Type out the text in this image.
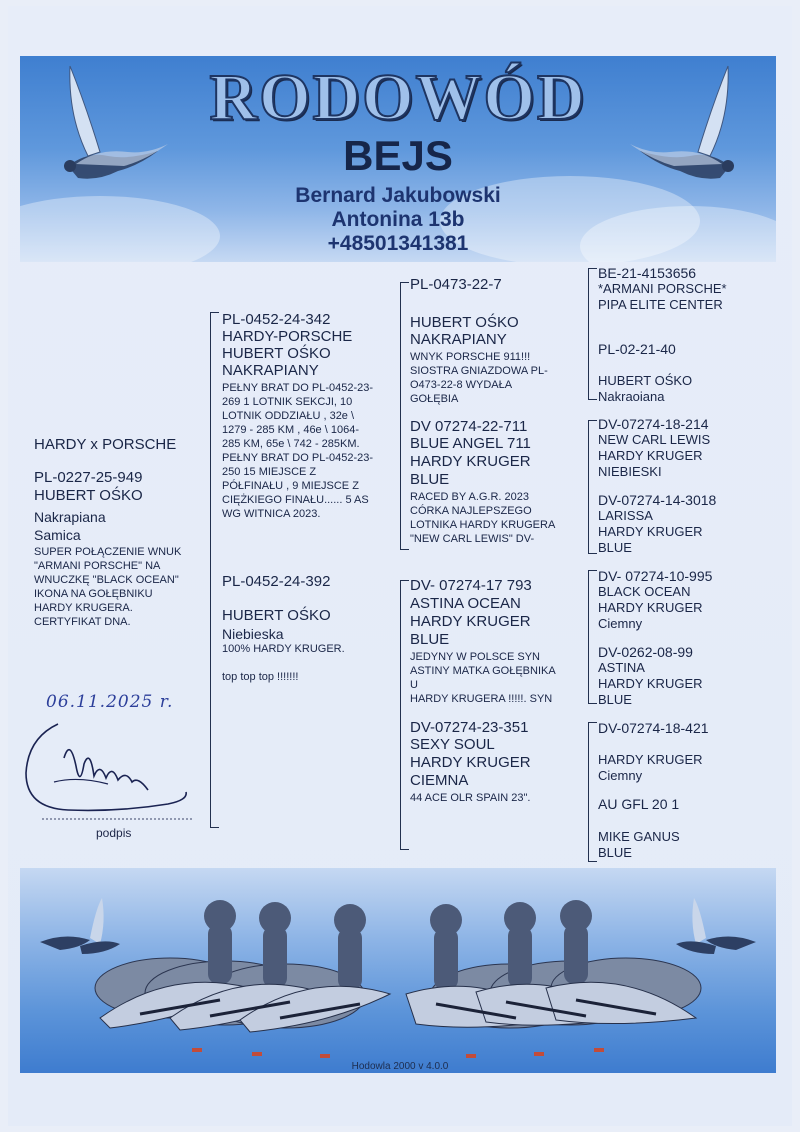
RODOWÓD
BEJS
Bernard Jakubowski
Antonina 13b
+48501341381
HARDY x PORSCHE
PL-0227-25-949
HUBERT OŚKO
Nakrapiana
Samica
SUPER POŁĄCZENIE WNUK
"ARMANI PORSCHE" NA
WNUCZKĘ "BLACK OCEAN"
IKONA NA GOŁĘBNIKU
HARDY KRUGERA.
CERTYFIKAT DNA.
PL-0452-24-342
HARDY-PORSCHE
HUBERT OŚKO
NAKRAPIANY
PEŁNY BRAT DO PL-0452-23-
269 1 LOTNIK SEKCJI, 10
LOTNIK ODDZIAŁU , 32e \
1279 - 285 KM , 46e \ 1064-
285 KM, 65e \ 742 - 285KM.
PEŁNY BRAT DO PL-0452-23-
250 15 MIEJSCE Z
PÓŁFINAŁU , 9 MIEJSCE Z
CIĘŻKIEGO FINAŁU...... 5 AS
WG WITNICA 2023.
PL-0452-24-392
HUBERT OŚKO
Niebieska
100% HARDY KRUGER.
top top top !!!!!!!
PL-0473-22-7
HUBERT OŚKO
NAKRAPIANY
WNYK PORSCHE 911!!!
SIOSTRA GNIAZDOWA PL-
O473-22-8 WYDAŁA
GOŁĘBIA
DV 07274-22-711
BLUE ANGEL 711
HARDY KRUGER
BLUE
RACED BY A.G.R. 2023
CÓRKA NAJLEPSZEGO
LOTNIKA HARDY KRUGERA
"NEW CARL LEWIS" DV-
DV- 07274-17 793
ASTINA OCEAN
HARDY KRUGER
BLUE
JEDYNY W POLSCE SYN
ASTINY MATKA GOŁĘBNIKA
U
HARDY KRUGERA !!!!!. SYN
DV-07274-23-351
SEXY SOUL
HARDY KRUGER
CIEMNA
44 ACE OLR SPAIN 23".
BE-21-4153656
*ARMANI PORSCHE*
PIPA ELITE CENTER
PL-02-21-40
HUBERT OŚKO
Nakraoiana
DV-07274-18-214
NEW CARL LEWIS
HARDY KRUGER
NIEBIESKI
DV-07274-14-3018
LARISSA
HARDY KRUGER
BLUE
DV- 07274-10-995
BLACK OCEAN
HARDY KRUGER
Ciemny
DV-0262-08-99
ASTINA
HARDY KRUGER
BLUE
DV-07274-18-421
HARDY KRUGER
Ciemny
AU GFL 20 1
MIKE GANUS
BLUE
06.11.2025 r.
podpis
Hodowla 2000 v 4.0.0
